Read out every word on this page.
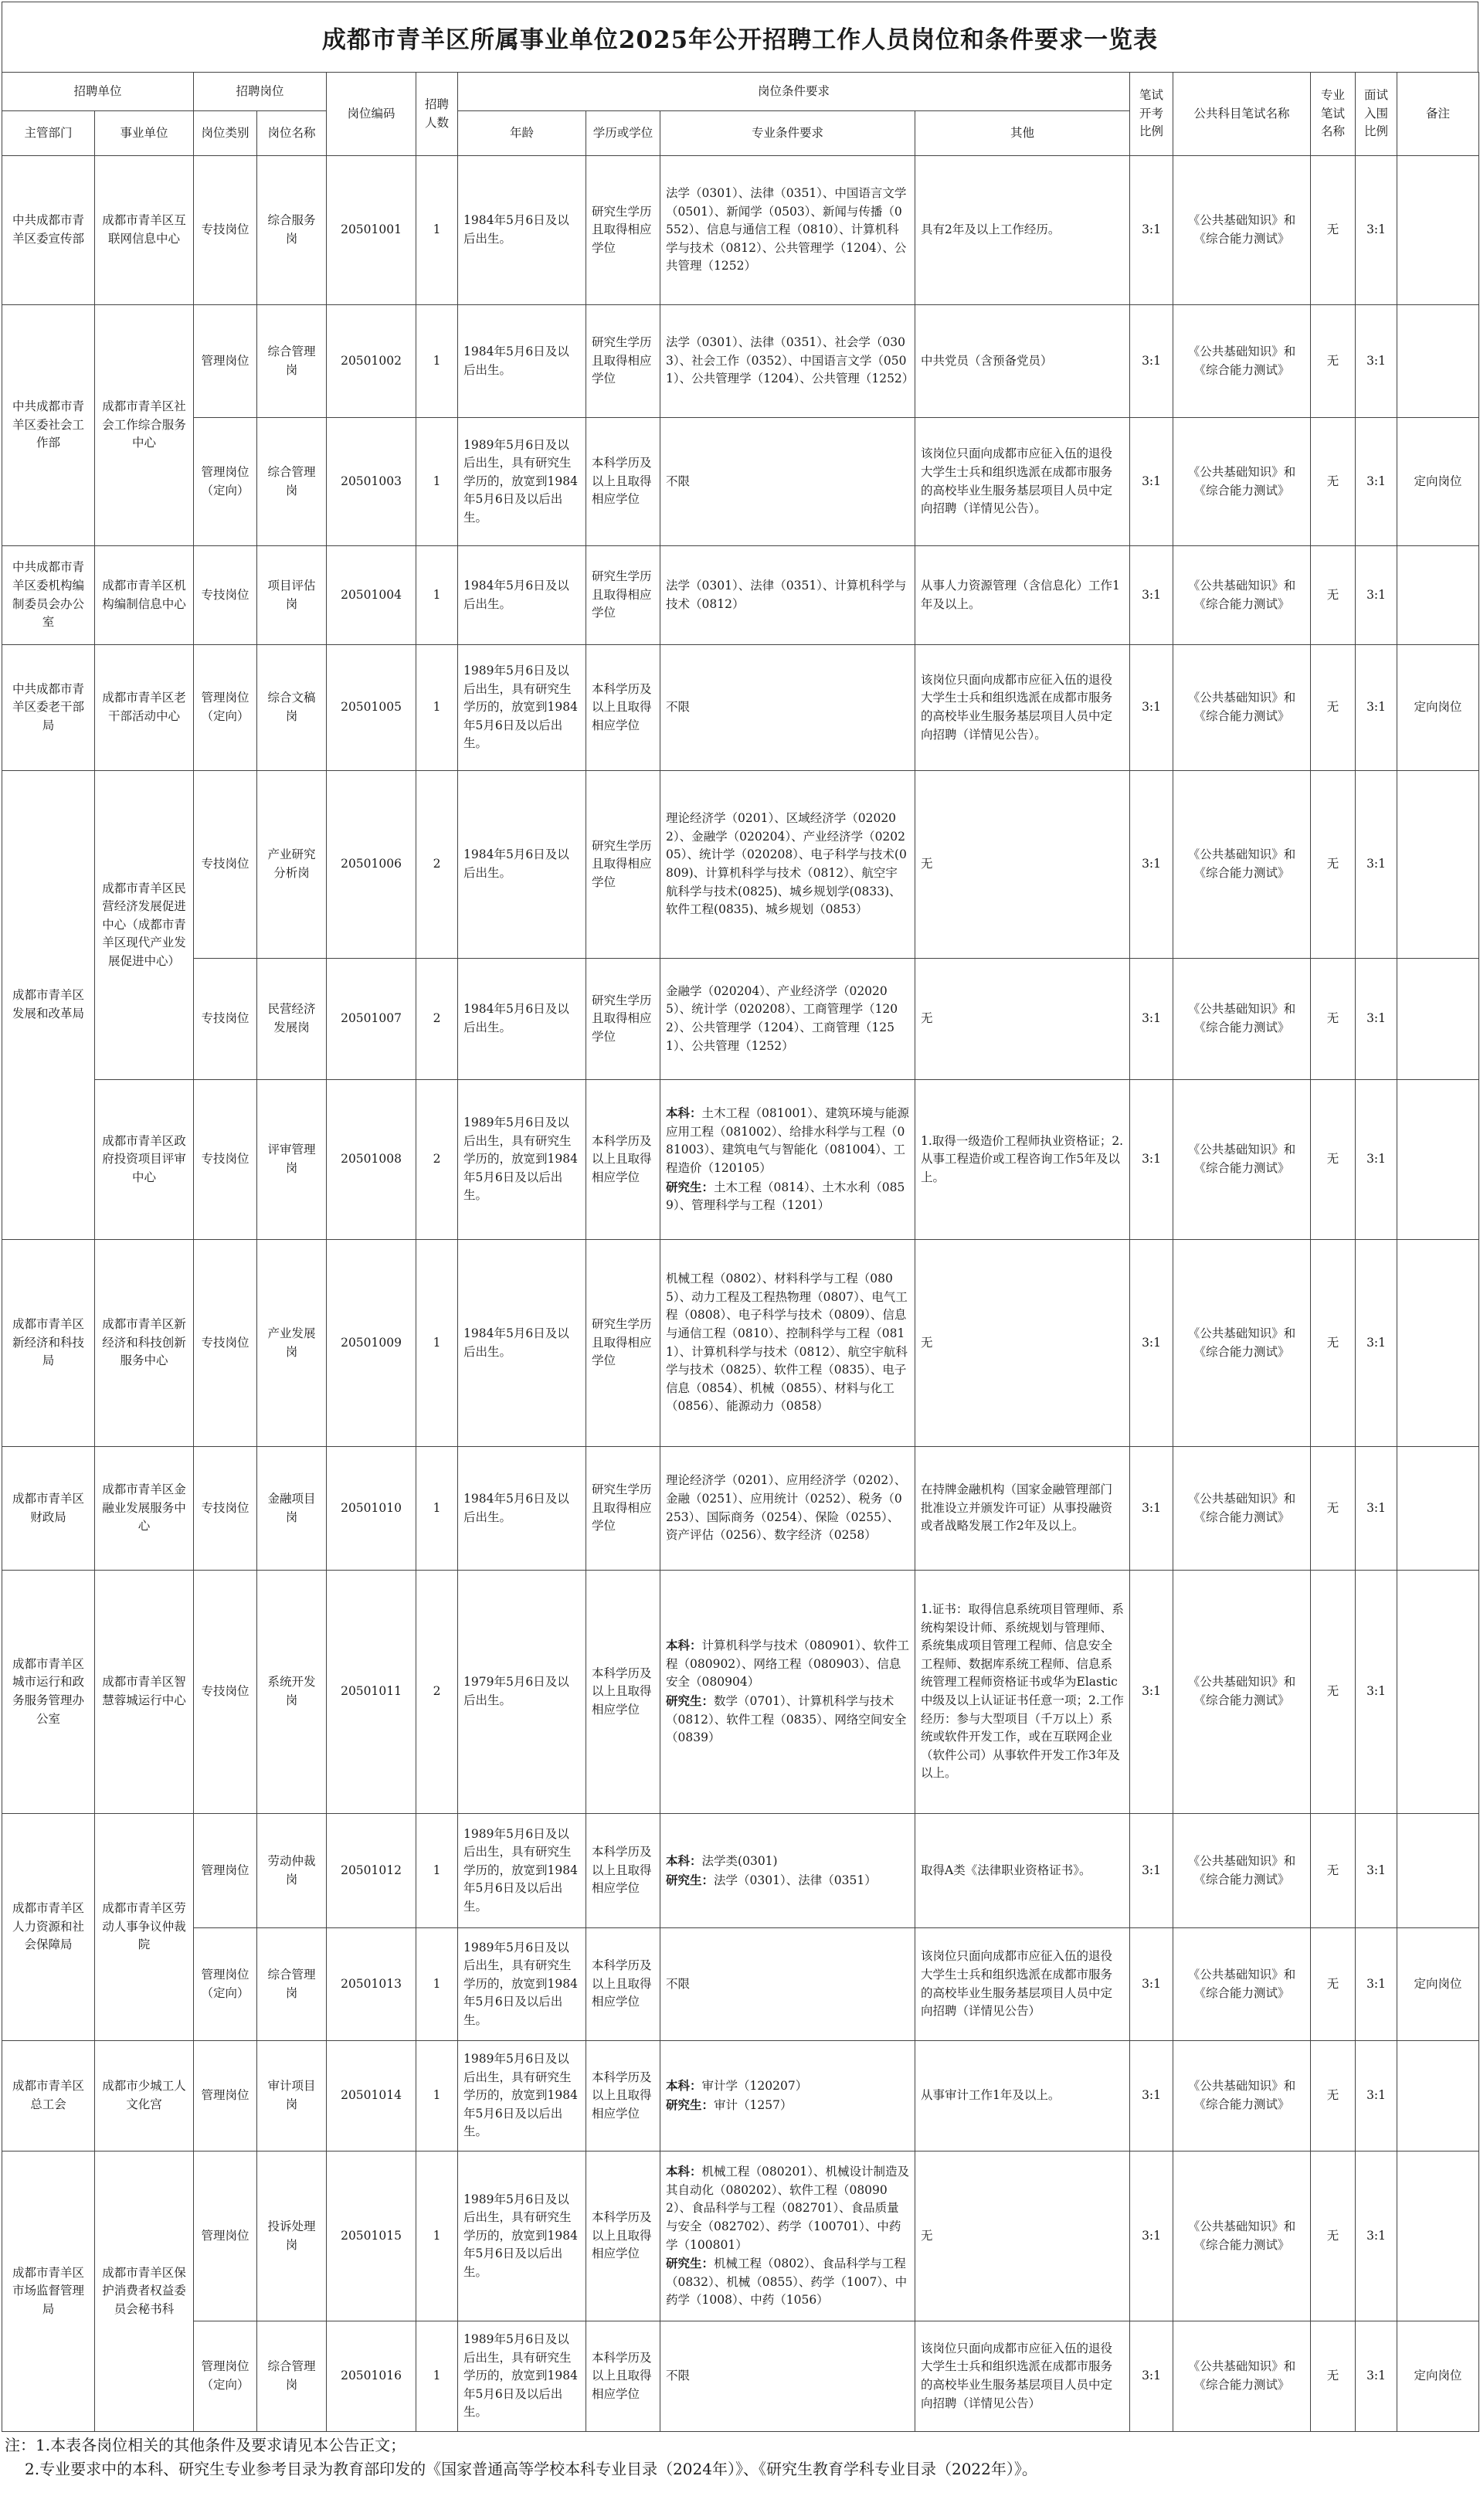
成都市青羊区所属事业单位2025年公开招聘工作人员岗位和条件要求一览表
招聘单位		招聘岗位		岗位编码	招聘人数	岗位条件要求				笔试开考比例	公共科目笔试名称	专业笔试名称	面试入围比例	备注
主管部门	事业单位	岗位类别	岗位名称			年龄	学历或学位	专业条件要求	其他					
中共成都市青羊区委宣传部	成都市青羊区互联网信息中心	专技岗位	综合服务岗	20501001	1	1984年5月6日及以后出生。	研究生学历且取得相应学位	法学（0301）、法律（0351）、中国语言文学（0501）、新闻学（0503）、新闻与传播（0552）、信息与通信工程（0810）、计算机科学与技术（0812）、公共管理学（1204）、公共管理（1252）	具有2年及以上工作经历。	3:1	《公共基础知识》和《综合能力测试》	无	3:1	
中共成都市青羊区委社会工作部	成都市青羊区社会工作综合服务中心	管理岗位	综合管理岗	20501002	1	1984年5月6日及以后出生。	研究生学历且取得相应学位	法学（0301）、法律（0351）、社会学（0303）、社会工作（0352）、中国语言文学（0501）、公共管理学（1204）、公共管理（1252）	中共党员（含预备党员）	3:1	《公共基础知识》和《综合能力测试》	无	3:1	
		管理岗位（定向）	综合管理岗	20501003	1	1989年5月6日及以后出生，具有研究生学历的，放宽到1984年5月6日及以后出生。	本科学历及以上且取得相应学位	不限	该岗位只面向成都市应征入伍的退役大学生士兵和组织选派在成都市服务的高校毕业生服务基层项目人员中定向招聘（详情见公告）。	3:1	《公共基础知识》和《综合能力测试》	无	3:1	定向岗位
中共成都市青羊区委机构编制委员会办公室	成都市青羊区机构编制信息中心	专技岗位	项目评估岗	20501004	1	1984年5月6日及以后出生。	研究生学历且取得相应学位	法学（0301）、法律（0351）、计算机科学与技术（0812）	从事人力资源管理（含信息化）工作1年及以上。	3:1	《公共基础知识》和《综合能力测试》	无	3:1	
中共成都市青羊区委老干部局	成都市青羊区老干部活动中心	管理岗位（定向）	综合文稿岗	20501005	1	1989年5月6日及以后出生，具有研究生学历的，放宽到1984年5月6日及以后出生。	本科学历及以上且取得相应学位	不限	该岗位只面向成都市应征入伍的退役大学生士兵和组织选派在成都市服务的高校毕业生服务基层项目人员中定向招聘（详情见公告）。	3:1	《公共基础知识》和《综合能力测试》	无	3:1	定向岗位
成都市青羊区发展和改革局	成都市青羊区民营经济发展促进中心（成都市青羊区现代产业发展促进中心）	专技岗位	产业研究分析岗	20501006	2	1984年5月6日及以后出生。	研究生学历且取得相应学位	理论经济学（0201）、区域经济学（020202）、金融学（020204）、产业经济学（020205）、统计学（020208）、电子科学与技术(0809)、计算机科学与技术（0812）、航空宇航科学与技术(0825)、城乡规划学(0833)、软件工程(0835)、城乡规划（0853）	无	3:1	《公共基础知识》和《综合能力测试》	无	3:1	
		专技岗位	民营经济发展岗	20501007	2	1984年5月6日及以后出生。	研究生学历且取得相应学位	金融学（020204）、产业经济学（020205）、统计学（020208）、工商管理学（1202）、公共管理学（1204）、工商管理（1251）、公共管理（1252）	无	3:1	《公共基础知识》和《综合能力测试》	无	3:1	
	成都市青羊区政府投资项目评审中心	专技岗位	评审管理岗	20501008	2	1989年5月6日及以后出生，具有研究生学历的，放宽到1984年5月6日及以后出生。	本科学历及以上且取得相应学位	本科：土木工程（081001）、建筑环境与能源应用工程（081002）、给排水科学与工程（081003）、建筑电气与智能化（081004）、工程造价（120105）
研究生：土木工程（0814）、土木水利（0859）、管理科学与工程（1201）	1.取得一级造价工程师执业资格证；2.从事工程造价或工程咨询工作5年及以上。	3:1	《公共基础知识》和《综合能力测试》	无	3:1	
成都市青羊区新经济和科技局	成都市青羊区新经济和科技创新服务中心	专技岗位	产业发展岗	20501009	1	1984年5月6日及以后出生。	研究生学历且取得相应学位	机械工程（0802）、材料科学与工程（0805）、动力工程及工程热物理（0807）、电气工程（0808）、电子科学与技术（0809）、信息与通信工程（0810）、控制科学与工程（0811）、计算机科学与技术（0812）、航空宇航科学与技术（0825）、软件工程（0835）、电子信息（0854）、机械（0855）、材料与化工（0856）、能源动力（0858）	无	3:1	《公共基础知识》和《综合能力测试》	无	3:1	
成都市青羊区财政局	成都市青羊区金融业发展服务中心	专技岗位	金融项目岗	20501010	1	1984年5月6日及以后出生。	研究生学历且取得相应学位	理论经济学（0201）、应用经济学（0202）、金融（0251）、应用统计（0252）、税务（0253）、国际商务（0254）、保险（0255）、资产评估（0256）、数字经济（0258）	在持牌金融机构（国家金融管理部门批准设立并颁发许可证）从事投融资或者战略发展工作2年及以上。	3:1	《公共基础知识》和《综合能力测试》	无	3:1	
成都市青羊区城市运行和政务服务管理办公室	成都市青羊区智慧蓉城运行中心	专技岗位	系统开发岗	20501011	2	1979年5月6日及以后出生。	本科学历及以上且取得相应学位	本科：计算机科学与技术（080901）、软件工程（080902）、网络工程（080903）、信息安全（080904）
研究生：数学（0701）、计算机科学与技术（0812）、软件工程（0835）、网络空间安全（0839）	1.证书：取得信息系统项目管理师、系统构架设计师、系统规划与管理师、系统集成项目管理工程师、信息安全工程师、数据库系统工程师、信息系统管理工程师资格证书或华为Elastic中级及以上认证证书任意一项；2.工作经历：参与大型项目（千万以上）系统或软件开发工作，或在互联网企业（软件公司）从事软件开发工作3年及以上。	3:1	《公共基础知识》和《综合能力测试》	无	3:1	
成都市青羊区人力资源和社会保障局	成都市青羊区劳动人事争议仲裁院	管理岗位	劳动仲裁岗	20501012	1	1989年5月6日及以后出生，具有研究生学历的，放宽到1984年5月6日及以后出生。	本科学历及以上且取得相应学位	本科：法学类(0301)
研究生：法学（0301）、法律（0351）	取得A类《法律职业资格证书》。	3:1	《公共基础知识》和《综合能力测试》	无	3:1	
		管理岗位（定向）	综合管理岗	20501013	1	1989年5月6日及以后出生，具有研究生学历的，放宽到1984年5月6日及以后出生。	本科学历及以上且取得相应学位	不限	该岗位只面向成都市应征入伍的退役大学生士兵和组织选派在成都市服务的高校毕业生服务基层项目人员中定向招聘（详情见公告）	3:1	《公共基础知识》和《综合能力测试》	无	3:1	定向岗位
成都市青羊区总工会	成都市少城工人文化宫	管理岗位	审计项目岗	20501014	1	1989年5月6日及以后出生，具有研究生学历的，放宽到1984年5月6日及以后出生。	本科学历及以上且取得相应学位	本科：审计学（120207）
研究生：审计（1257）	从事审计工作1年及以上。	3:1	《公共基础知识》和《综合能力测试》	无	3:1	
成都市青羊区市场监督管理局	成都市青羊区保护消费者权益委员会秘书科	管理岗位	投诉处理岗	20501015	1	1989年5月6日及以后出生，具有研究生学历的，放宽到1984年5月6日及以后出生。	本科学历及以上且取得相应学位	本科：机械工程（080201）、机械设计制造及其自动化（080202）、软件工程（080902）、食品科学与工程（082701）、食品质量与安全（082702）、药学（100701）、中药学（100801）
研究生：机械工程（0802）、食品科学与工程（0832）、机械（0855）、药学（1007）、中药学（1008）、中药（1056）	无	3:1	《公共基础知识》和《综合能力测试》	无	3:1	
		管理岗位（定向）	综合管理岗	20501016	1	1989年5月6日及以后出生，具有研究生学历的，放宽到1984年5月6日及以后出生。	本科学历及以上且取得相应学位	不限	该岗位只面向成都市应征入伍的退役大学生士兵和组织选派在成都市服务的高校毕业生服务基层项目人员中定向招聘（详情见公告）	3:1	《公共基础知识》和《综合能力测试》	无	3:1	定向岗位
注：1.本表各岗位相关的其他条件及要求请见本公告正文；
2.专业要求中的本科、研究生专业参考目录为教育部印发的《国家普通高等学校本科专业目录（2024年）》、《研究生教育学科专业目录（2022年）》。
